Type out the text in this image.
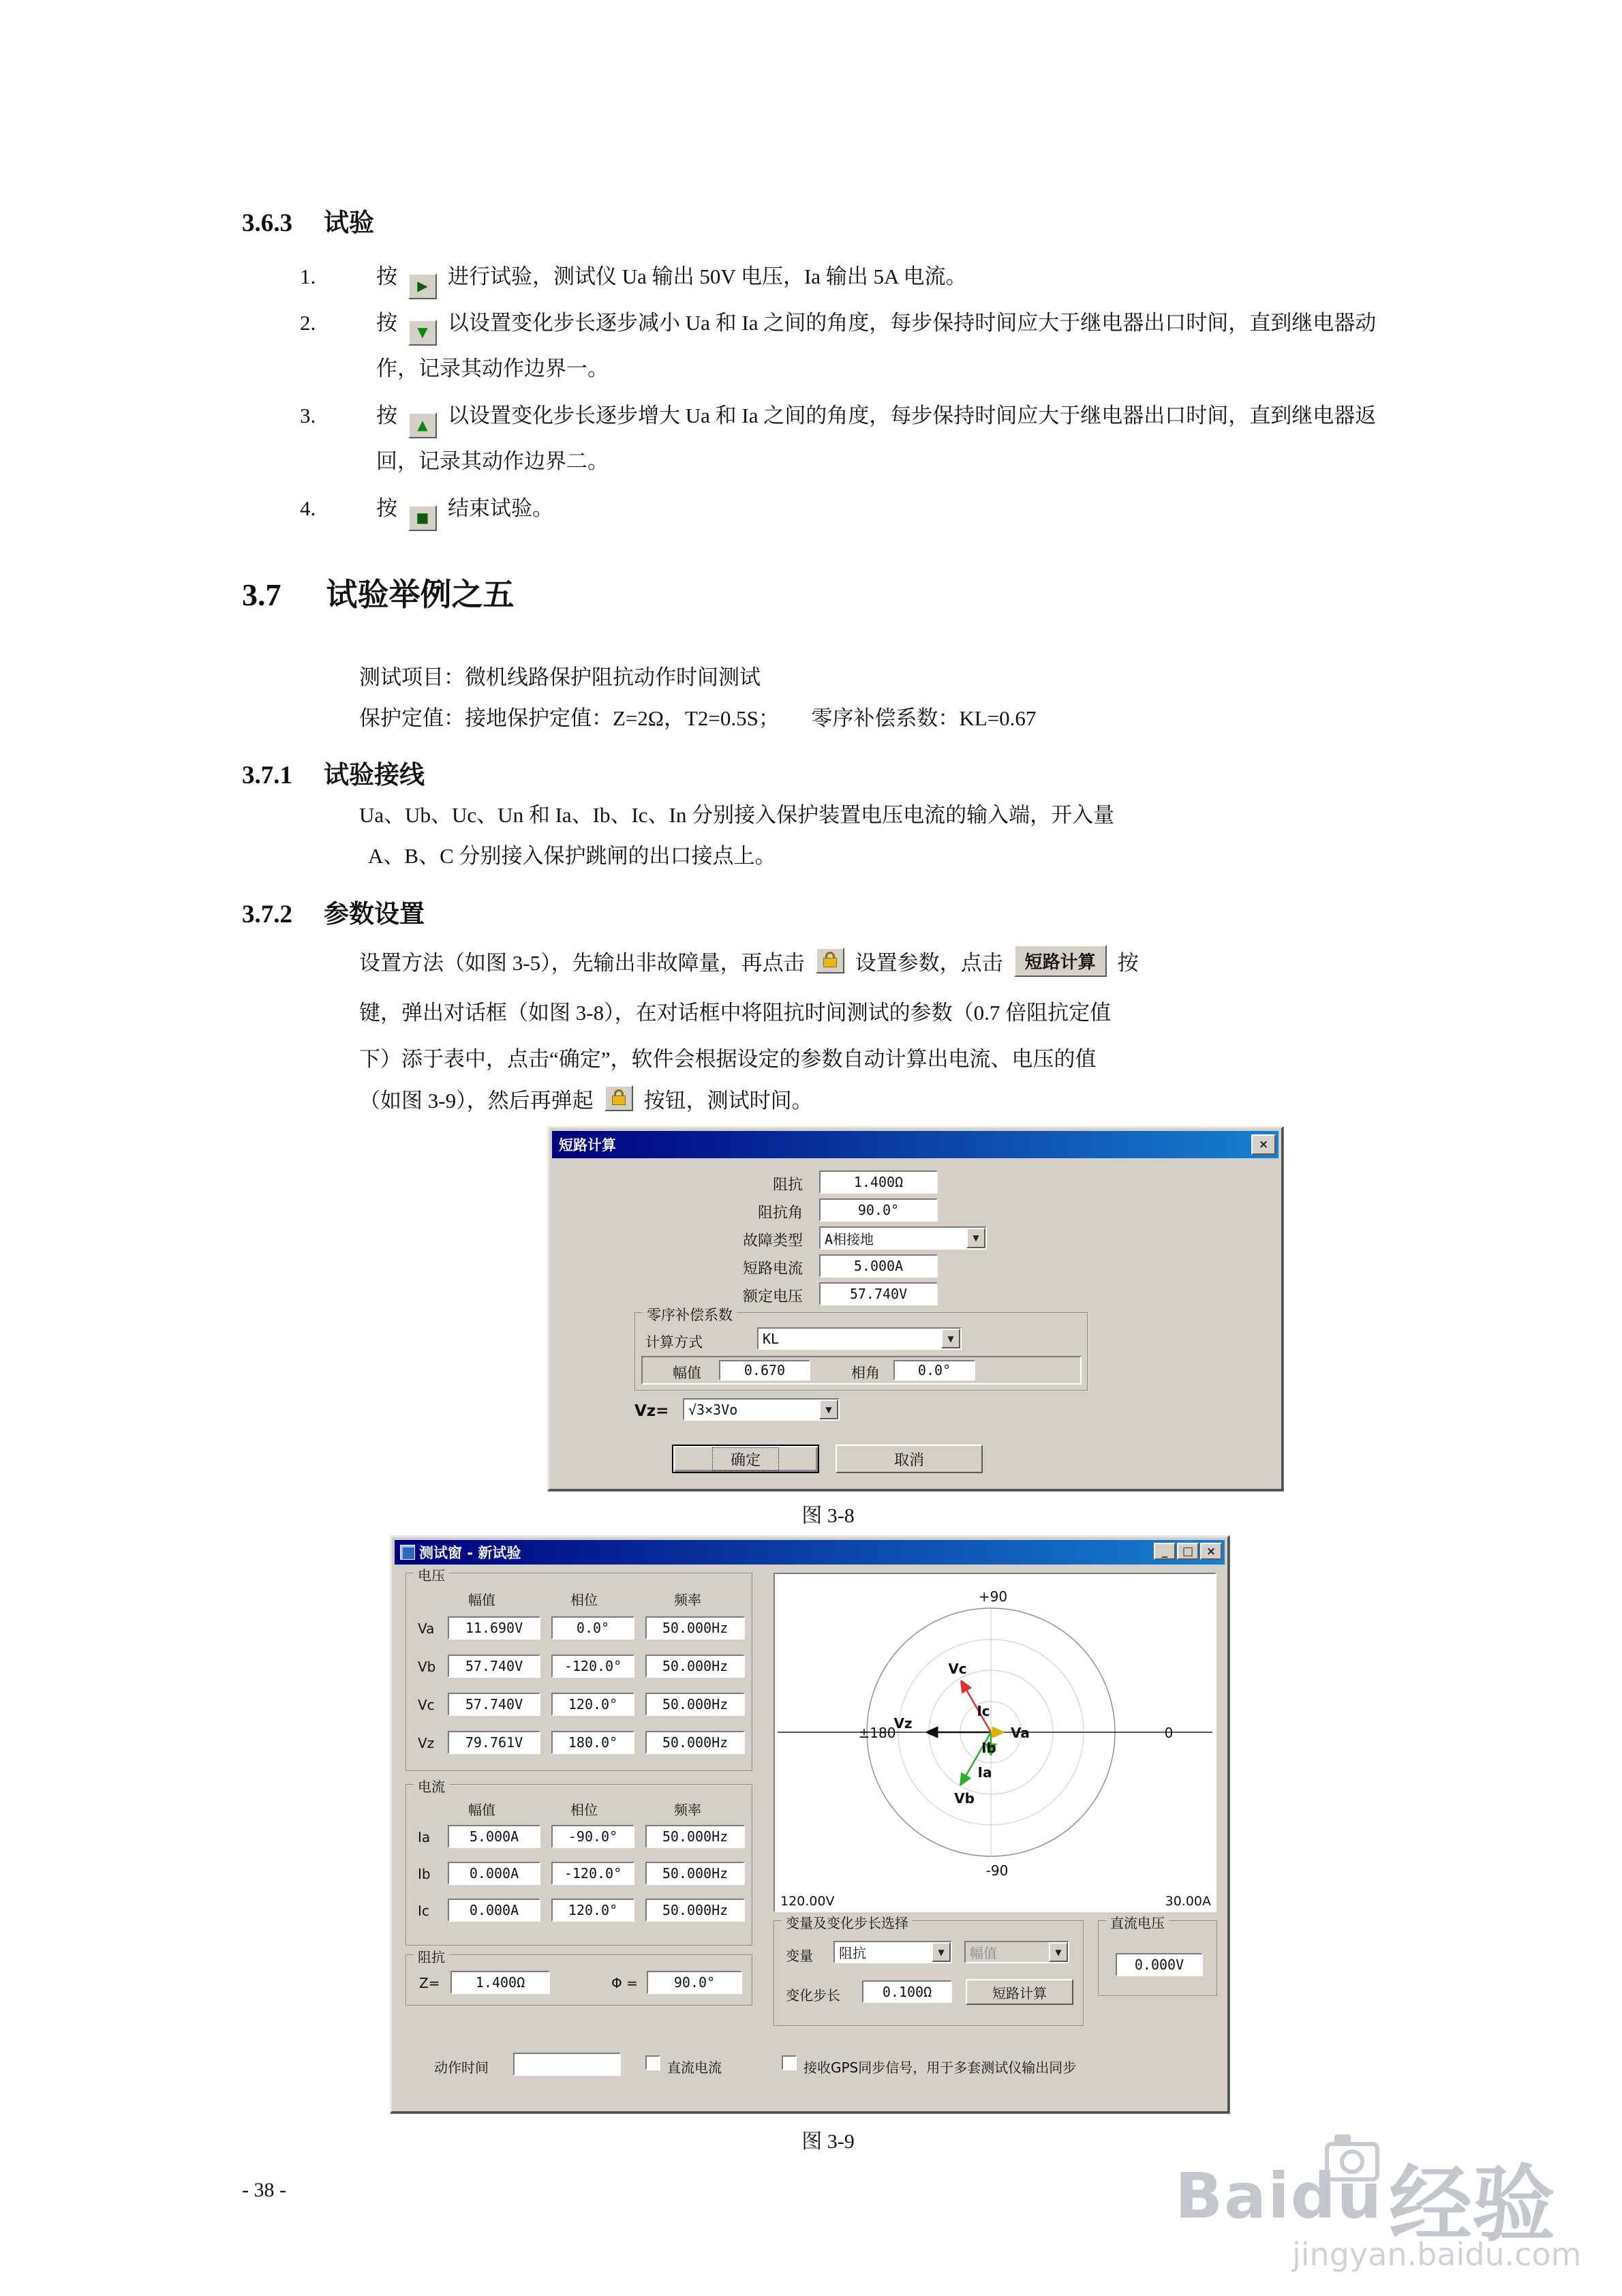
3.6.3 试验
1.	按 ▶ 进行试验，测试仪 Ua 输出 50V 电压，Ia 输出 5A 电流。
2.	按 ▼ 以设置变化步长逐步减小 Ua 和 Ia 之间的角度，每步保持时间应大于继电器出口时间，直到继电器动作，记录其动作边界一。
3.	按 ▲ 以设置变化步长逐步增大 Ua 和 Ia 之间的角度，每步保持时间应大于继电器出口时间，直到继电器返回，记录其动作边界二。
4.	按 ■ 结束试验。
3.7 试验举例之五
测试项目：微机线路保护阻抗动作时间测试
保护定值：接地保护定值：Z=2Ω，T2=0.5S；　　零序补偿系数：KL=0.67
3.7.1 试验接线
Ua、Ub、Uc、Un 和 Ia、Ib、Ic、In 分别接入保护装置电压电流的输入端，开入量
A、B、C 分别接入保护跳闸的出口接点上。
3.7.2 参数设置
设置方法（如图 3-5），先输出非故障量，再点击 设置参数，点击	短路计算	按
键，弹出对话框（如图 3-8），在对话框中将阻抗时间测试的参数（0.7 倍阻抗定值
下）添于表中，点击“确定”，软件会根据设定的参数自动计算出电流、电压的值
（如图 3-9），然后再弹起 按钮，测试时间。
短路计算	×
阻抗	1.400Ω
阻抗角	90.0°
故障类型	A相接地	▼
短路电流	5.000A
额定电压	57.740V
零序补偿系数
计算方式	KL	▼
幅值	0.670	相角	0.0°
Vz=	√3×3Vo	▼
确定	取消
图 3-8
测试窗 - 新试验	_	□	×
电压
幅值	相位	频率
Va	11.690V	0.0°	50.000Hz
Vb	57.740V	-120.0°	50.000Hz
Vc	57.740V	120.0°	50.000Hz
Vz	79.761V	180.0°	50.000Hz
电流
幅值	相位	频率
Ia	5.000A	-90.0°	50.000Hz
Ib	0.000A	-120.0°	50.000Hz
Ic	0.000A	120.0°	50.000Hz
阻抗
Z=	1.400Ω	Φ =	90.0°
+90
-90
±180	0
120.00V	30.00A
Vc
Vz
Va
Ic
Ib
Ia
Vb
变量及变化步长选择
变量	阻抗	▼	幅值	▼
变化步长	0.100Ω	短路计算
直流电压
0.000V
动作时间	直流电流	接收GPS同步信号，用于多套测试仪输出同步
图 3-9
- 38 -	Baidu 经验
jingyan.baidu.com
